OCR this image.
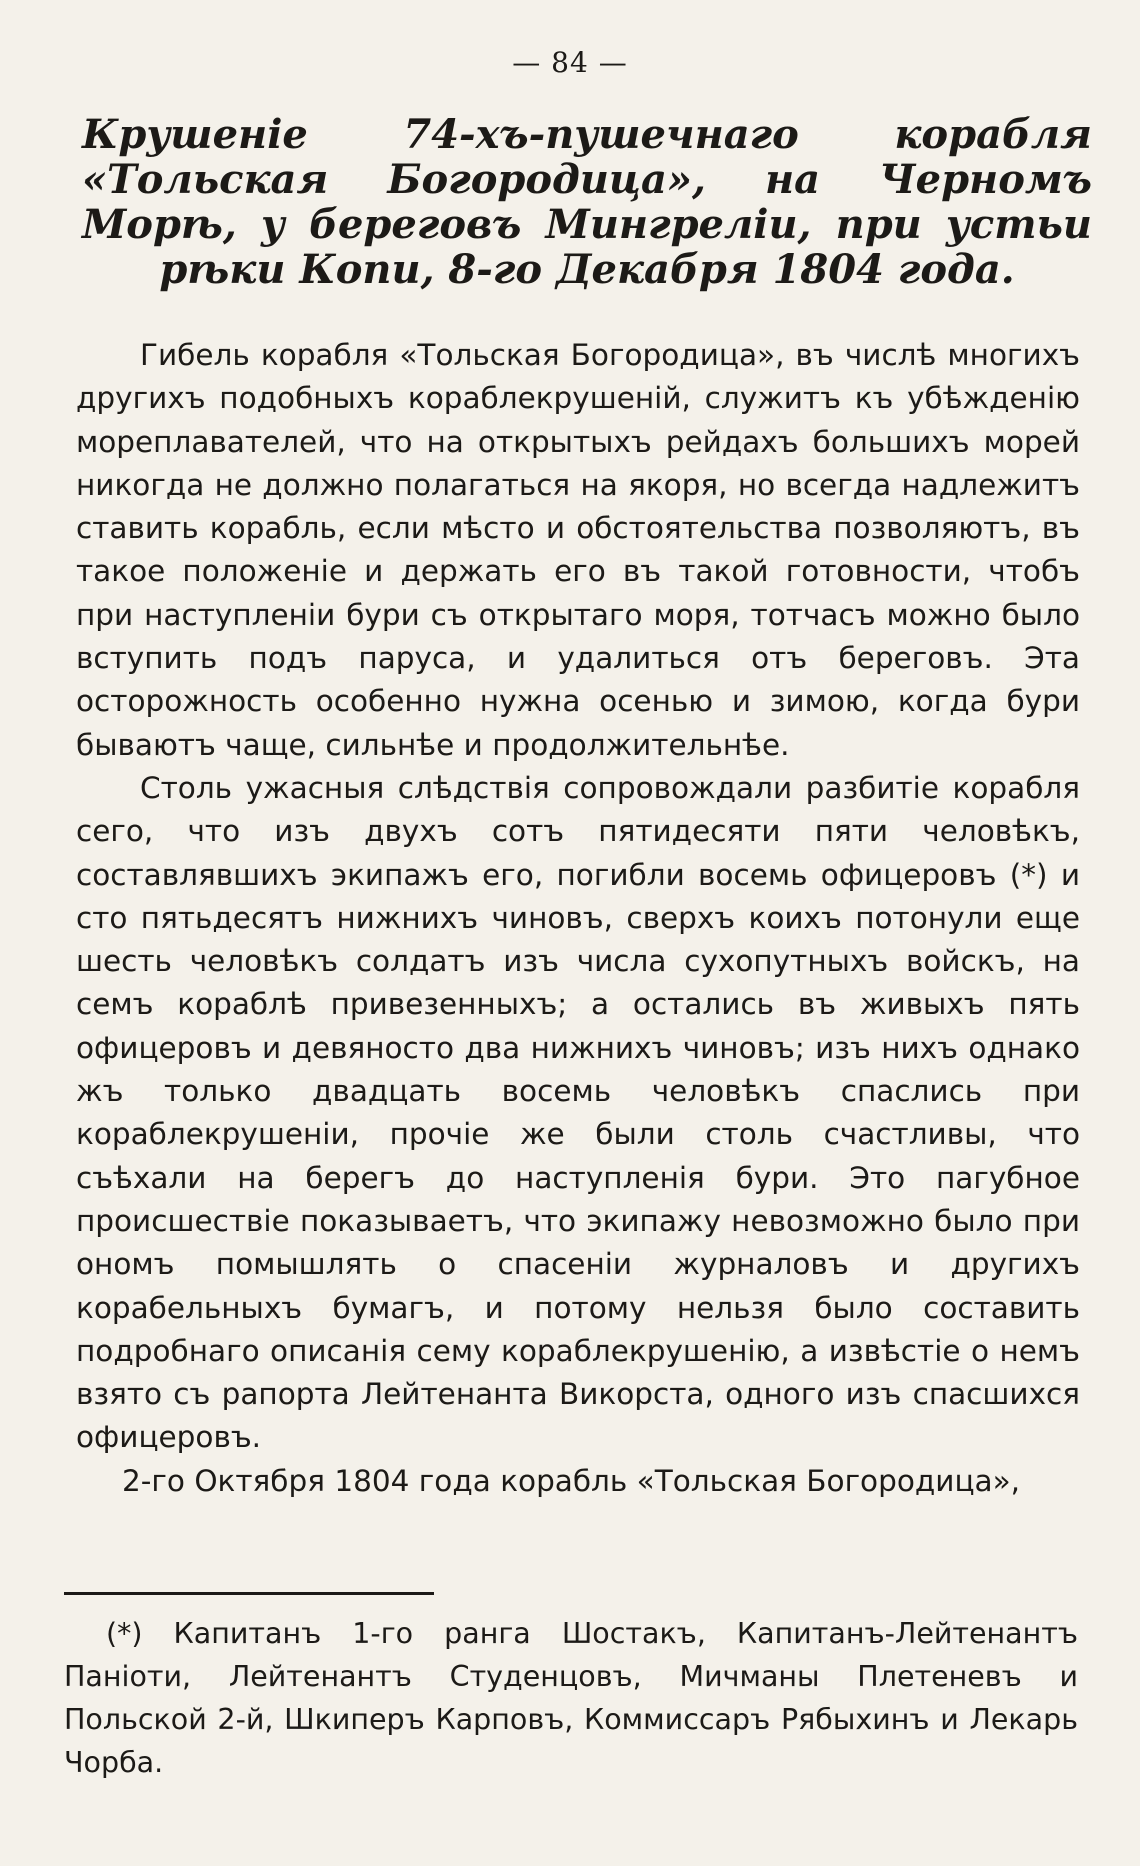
— 84 —
Крушеніе 74-хъ-пушечнаго корабля «Тольская Богородица», на Черномъ Морѣ, у береговъ Мингреліи, при устьи рѣки Копи, 8-го Декабря 1804 года.

Гибель корабля «Тольская Богородица», въ числѣ многихъ другихъ подобныхъ кораблекрушеній, служитъ къ убѣжденію мореплавателей, что на открытыхъ рейдахъ большихъ морей никогда не должно полагаться на якоря, но всегда надлежитъ ставить корабль, если мѣсто и обстоятельства позволяютъ, въ такое положеніе и держать его въ такой готовности, чтобъ при наступленіи бури съ открытаго моря, тотчасъ можно было вступить подъ паруса, и удалиться отъ береговъ. Эта осторожность особенно нужна осенью и зимою, когда бури бываютъ чаще, сильнѣе и продолжительнѣе.

Столь ужасныя слѣдствія сопровождали разбитіе корабля сего, что изъ двухъ сотъ пятидесяти пяти человѣкъ, составлявшихъ экипажъ его, погибли восемь офицеровъ (*) и сто пятьдесятъ нижнихъ чиновъ, сверхъ коихъ потонули еще шесть человѣкъ солдатъ изъ числа сухопутныхъ войскъ, на семъ кораблѣ привезенныхъ; а остались въ живыхъ пять офицеровъ и девяносто два нижнихъ чиновъ; изъ нихъ однако жъ только двадцать восемь человѣкъ спаслись при кораблекрушеніи, прочіе же были столь счастливы, что съѣхали на берегъ до наступленія бури. Это пагубное происшествіе показываетъ, что экипажу невозможно было при ономъ помышлять о спасеніи журналовъ и другихъ корабельныхъ бумагъ, и потому нельзя было составить подробнаго описанія сему кораблекрушенію, а извѣстіе о немъ взято съ рапорта Лейтенанта Викорста, одного изъ спасшихся офицеровъ.

2-го Октября 1804 года корабль «Тольская Богородица»,

(*) Капитанъ 1-го ранга Шостакъ, Капитанъ-Лейтенантъ Паніоти, Лейтенантъ Студенцовъ, Мичманы Плетеневъ и Польской 2-й, Шкиперъ Карповъ, Коммиссаръ Рябыхинъ и Лекарь Чорба.
